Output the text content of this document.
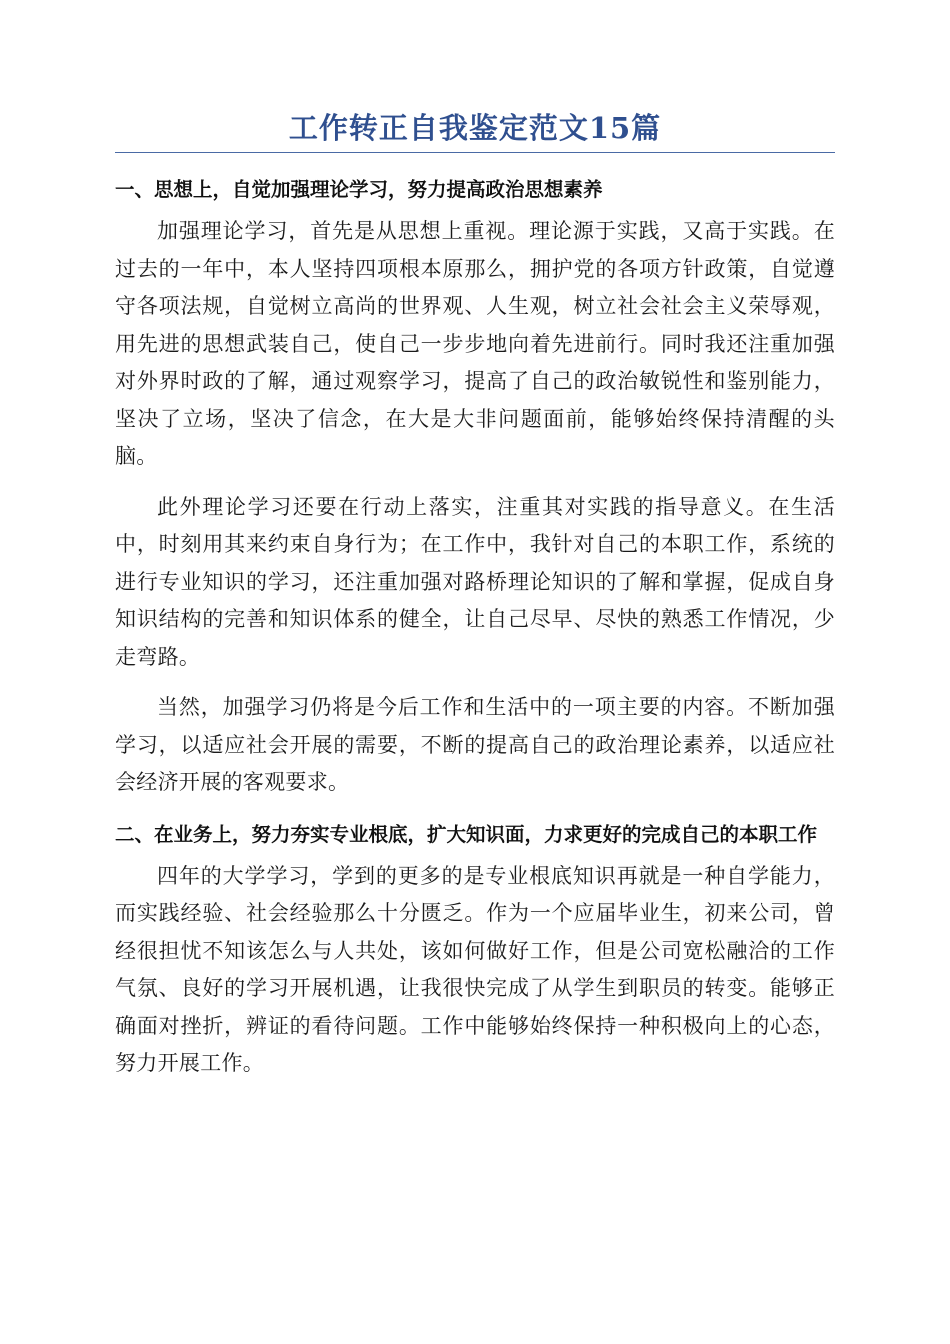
工作转正自我鉴定范文15篇
一、思想上，自觉加强理论学习，努力提高政治思想素养

加强理论学习，首先是从思想上重视。理论源于实践，又高于实践。在过去的一年中，本人坚持四项根本原那么，拥护党的各项方针政策，自觉遵守各项法规，自觉树立高尚的世界观、人生观，树立社会社会主义荣辱观，用先进的思想武装自己，使自己一步步地向着先进前行。同时我还注重加强对外界时政的了解，通过观察学习，提高了自己的政治敏锐性和鉴别能力，坚决了立场，坚决了信念，在大是大非问题面前，能够始终保持清醒的头脑。

此外理论学习还要在行动上落实，注重其对实践的指导意义。在生活中，时刻用其来约束自身行为；在工作中，我针对自己的本职工作，系统的进行专业知识的学习，还注重加强对路桥理论知识的了解和掌握，促成自身知识结构的完善和知识体系的健全，让自己尽早、尽快的熟悉工作情况，少走弯路。

当然，加强学习仍将是今后工作和生活中的一项主要的内容。不断加强学习，以适应社会开展的需要，不断的提高自己的政治理论素养，以适应社会经济开展的客观要求。

二、在业务上，努力夯实专业根底，扩大知识面，力求更好的完成自己的本职工作

四年的大学学习，学到的更多的是专业根底知识再就是一种自学能力，而实践经验、社会经验那么十分匮乏。作为一个应届毕业生，初来公司，曾经很担忧不知该怎么与人共处，该如何做好工作，但是公司宽松融洽的工作气氛、良好的学习开展机遇，让我很快完成了从学生到职员的转变。能够正确面对挫折，辨证的看待问题。工作中能够始终保持一种积极向上的心态，努力开展工作。
